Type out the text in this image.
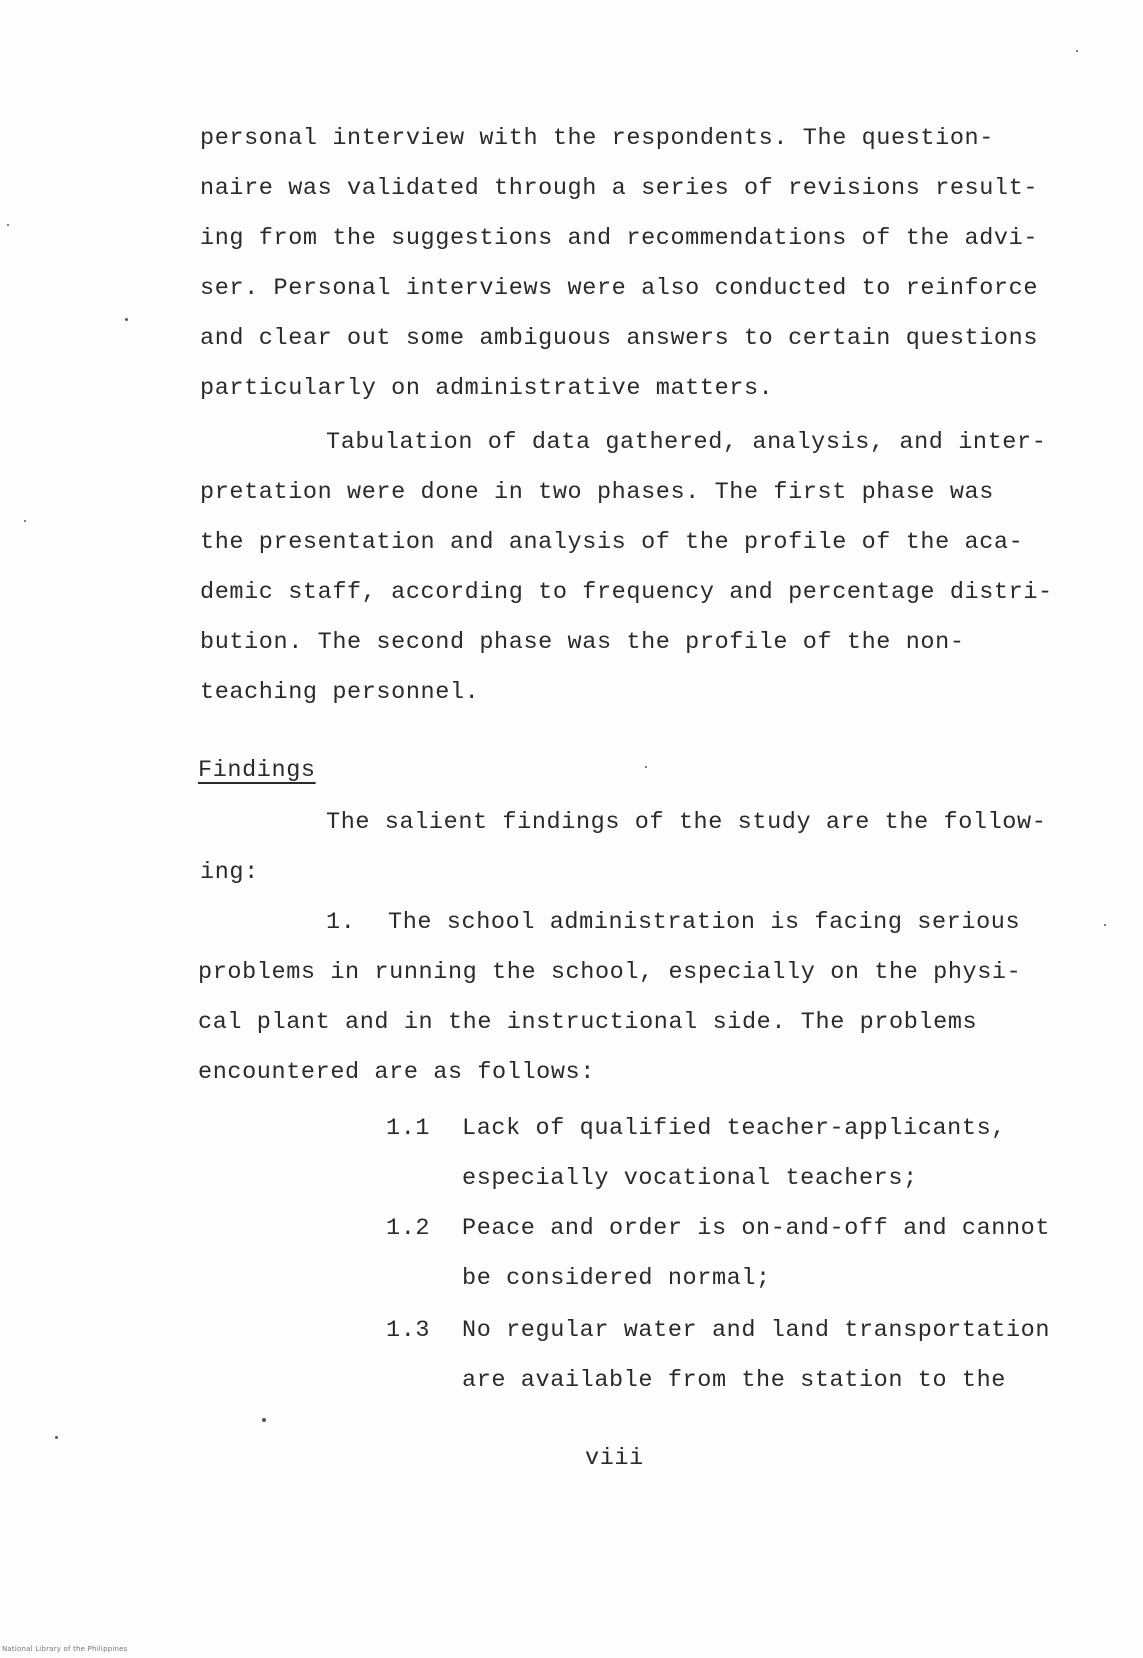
personal interview with the respondents. The question-
naire was validated through a series of revisions result-
ing from the suggestions and recommendations of the advi-
ser. Personal interviews were also conducted to reinforce
and clear out some ambiguous answers to certain questions
particularly on administrative matters.
Tabulation of data gathered, analysis, and inter-
pretation were done in two phases. The first phase was
the presentation and analysis of the profile of the aca-
demic staff, according to frequency and percentage distri-
bution. The second phase was the profile of the non-
teaching personnel.
Findings
The salient findings of the study are the follow-
ing:
1. The school administration is facing serious
problems in running the school, especially on the physi-
cal plant and in the instructional side. The problems
encountered are as follows:
1.1 Lack of qualified teacher-applicants,
especially vocational teachers;
1.2 Peace and order is on-and-off and cannot
be considered normal;
1.3 No regular water and land transportation
are available from the station to the
viii
National Library of the Philippines
